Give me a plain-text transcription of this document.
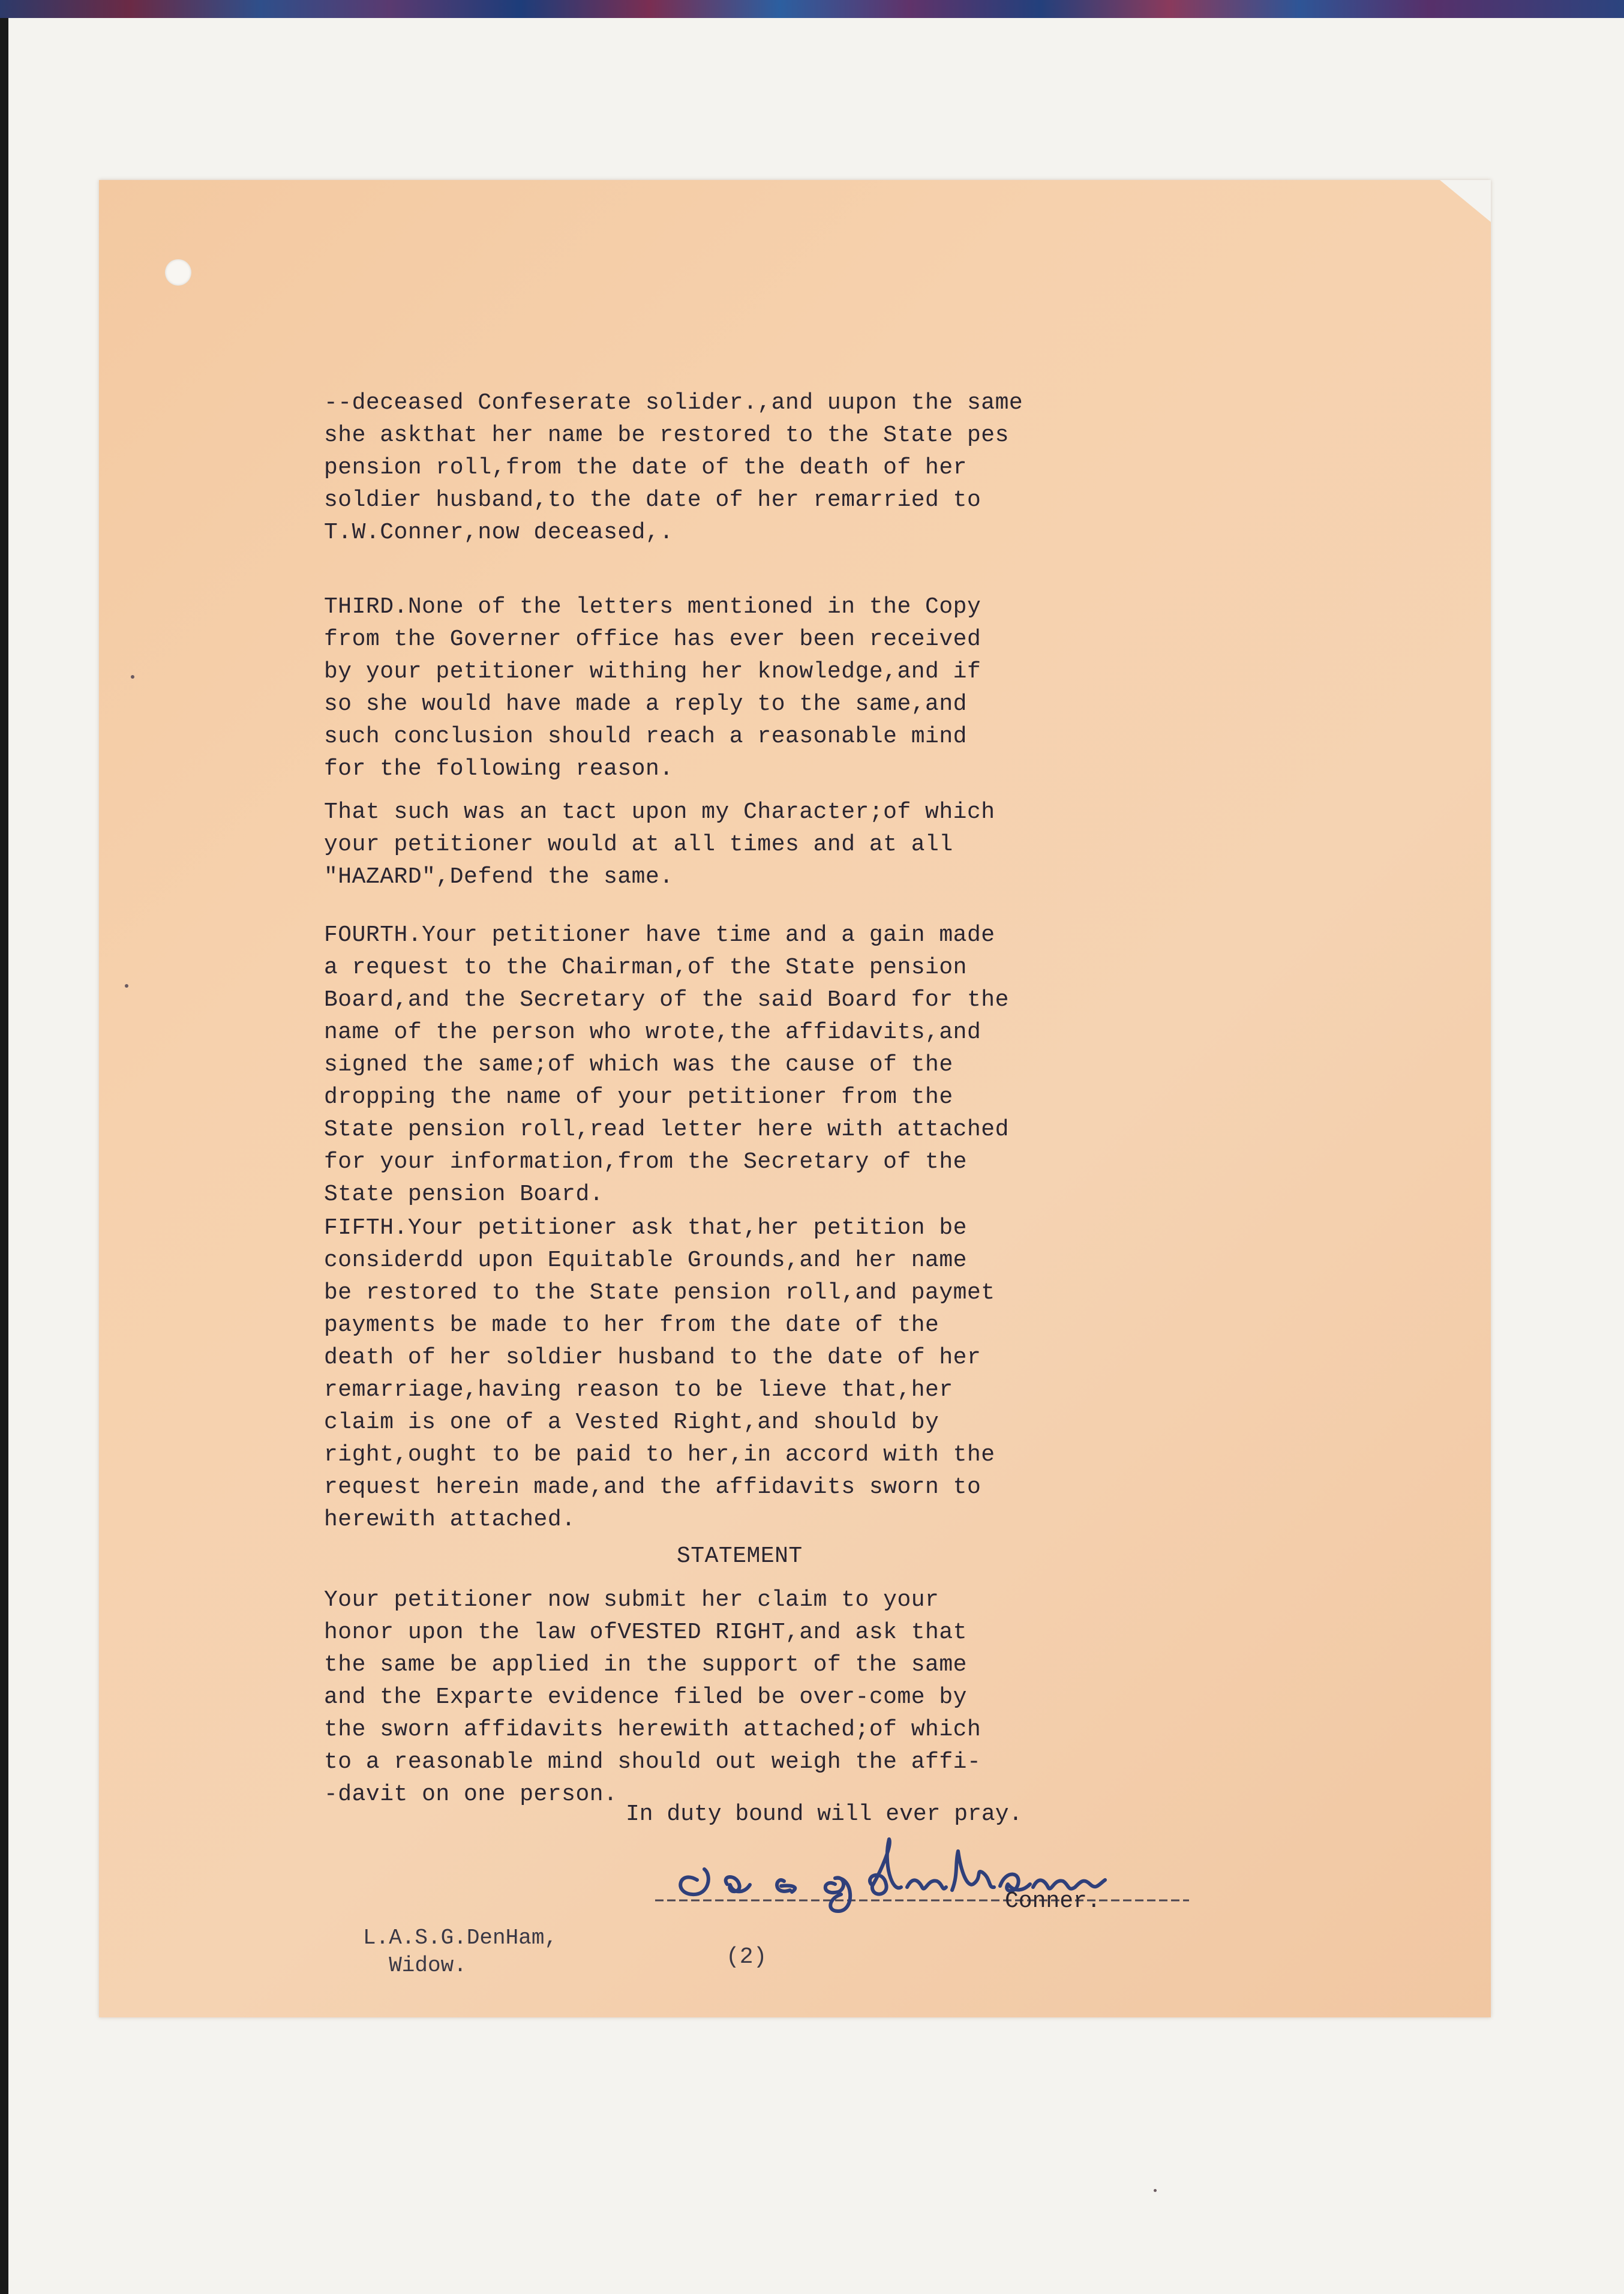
--deceased Confeserate solider.,and uupon the same
she askthat her name be restored to the State pes
pension roll,from the date of the death of her
soldier husband,to the date of her remarried to
T.W.Conner,now deceased,.
THIRD.None of the letters mentioned in the Copy
from the Governer office has ever been received
by your petitioner withing her knowledge,and if
so she would have made a reply to the same,and
such conclusion should reach a reasonable mind
for the following reason.
That such was an tact upon my Character;of which
your petitioner would at all times and at all
"HAZARD",Defend the same.
FOURTH.Your petitioner have time and a gain made
a request to the Chairman,of the State pension
Board,and the Secretary of the said Board for the
name of the person who wrote,the affidavits,and
signed the same;of which was the cause of the
dropping the name of your petitioner from the
State pension roll,read letter here with attached
for your information,from the Secretary of the
State pension Board.
FIFTH.Your petitioner ask that,her petition be
considerdd upon Equitable Grounds,and her name
be restored to the State pension roll,and paymet
payments be made to her from the date of the
death of her soldier husband to the date of her
remarriage,having reason to be lieve that,her
claim is one of a Vested Right,and should by
right,ought to be paid to her,in accord with the
request herein made,and the affidavits sworn to
herewith attached.
STATEMENT
Your petitioner now submit her claim to your
honor upon the law ofVESTED RIGHT,and ask that
the same be applied in the support of the same
and the Exparte evidence filed be over-come by
the sworn affidavits herewith attached;of which
to a reasonable mind should out weigh the affi-
-davit on one person.
In duty bound will ever pray.
Conner.
L.A.S.G.DenHam,
Widow.	(2)
